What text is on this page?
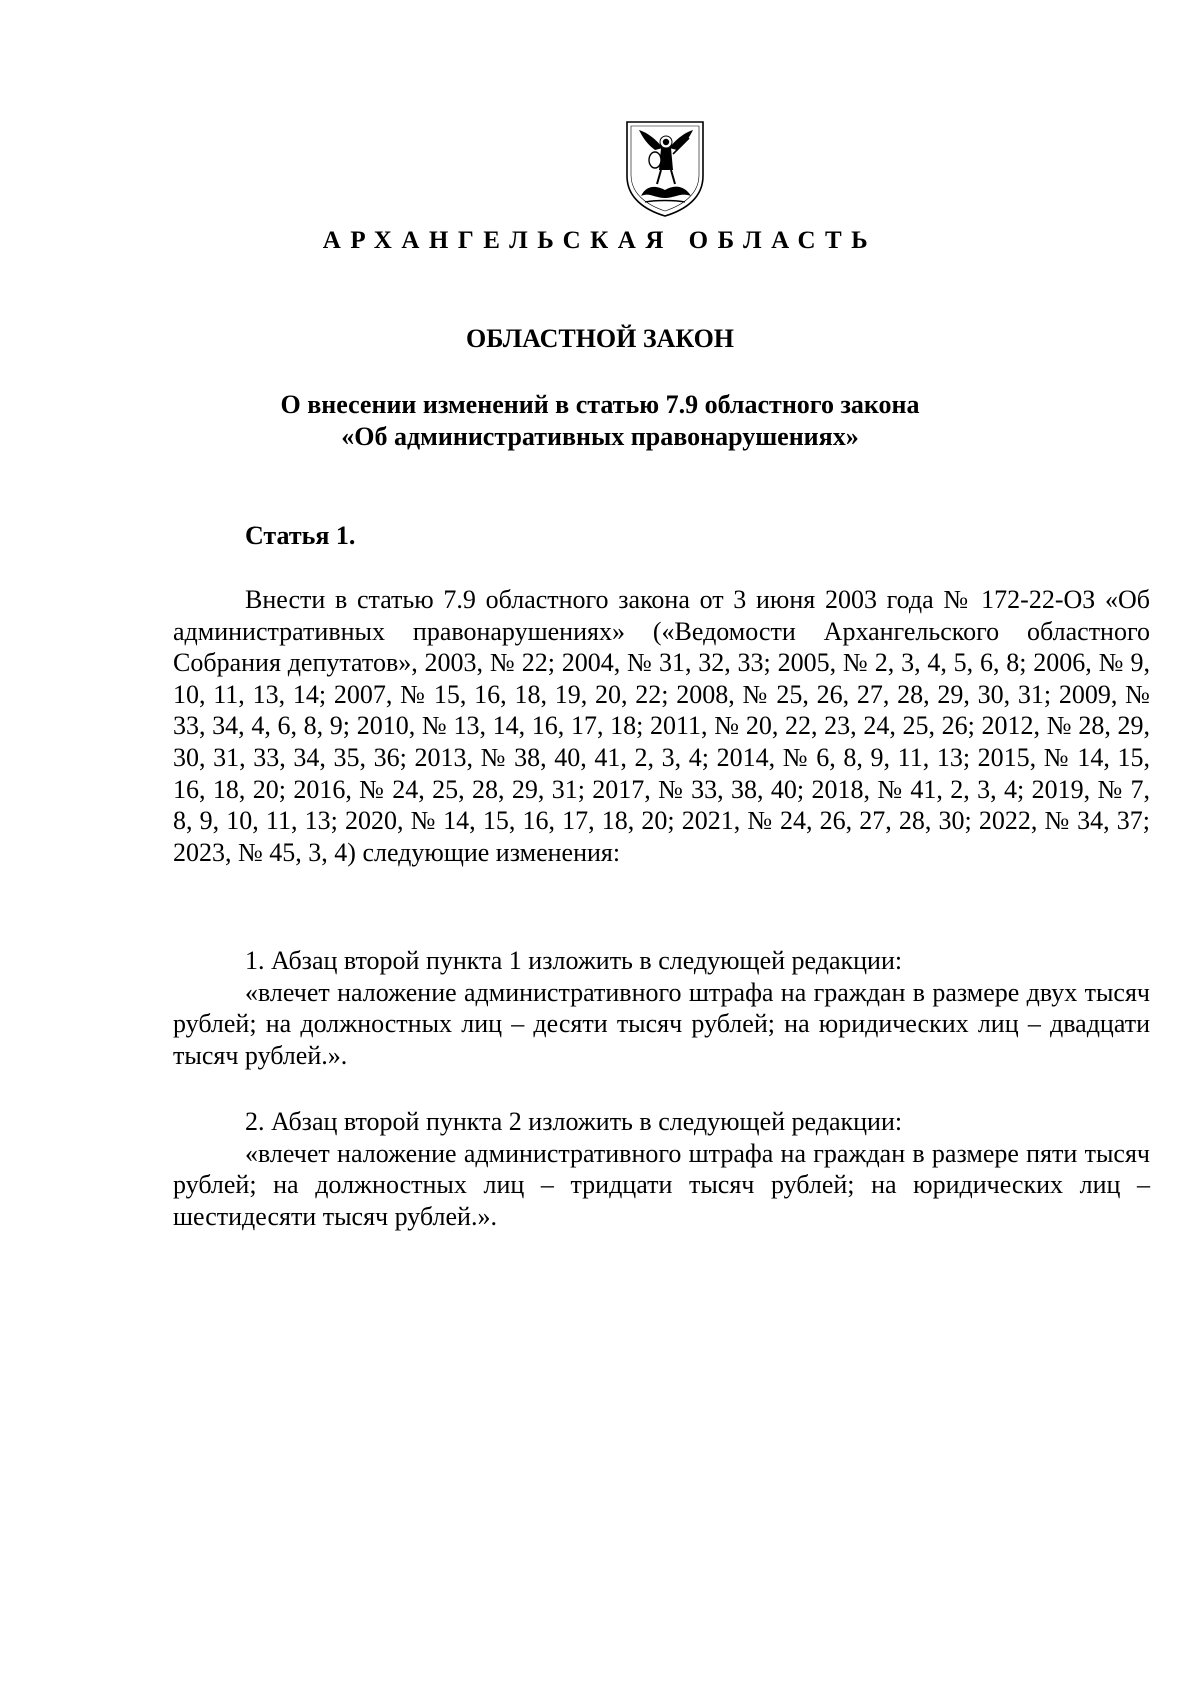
АРХАНГЕЛЬСКАЯ ОБЛАСТЬ
ОБЛАСТНОЙ ЗАКОН
О внесении изменений в статью 7.9 областного закона
«Об административных правонарушениях»
Статья 1.

Внести в статью 7.9 областного закона от 3 июня 2003 года № 172-22-ОЗ «Об административных правонарушениях» («Ведомости Архангельского областного Собрания депутатов», 2003, № 22; 2004, № 31, 32, 33; 2005, № 2, 3, 4, 5, 6, 8; 2006, № 9, 10, 11, 13, 14; 2007, № 15, 16, 18, 19, 20, 22; 2008, № 25, 26, 27, 28, 29, 30, 31; 2009, № 33, 34, 4, 6, 8, 9; 2010, № 13, 14, 16, 17, 18; 2011, № 20, 22, 23, 24, 25, 26; 2012, № 28, 29, 30, 31, 33, 34, 35, 36; 2013, № 38, 40, 41, 2, 3, 4; 2014, № 6, 8, 9, 11, 13; 2015, № 14, 15, 16, 18, 20; 2016, № 24, 25, 28, 29, 31; 2017, № 33, 38, 40; 2018, № 41, 2, 3, 4; 2019, № 7, 8, 9, 10, 11, 13; 2020, № 14, 15, 16, 17, 18, 20; 2021, № 24, 26, 27, 28, 30; 2022, № 34, 37; 2023, № 45, 3, 4) следующие изменения:

1. Абзац второй пункта 1 изложить в следующей редакции:

«влечет наложение административного штрафа на граждан в размере двух тысяч рублей; на должностных лиц – десяти тысяч рублей; на юридических лиц – двадцати тысяч рублей.».

2. Абзац второй пункта 2 изложить в следующей редакции:

«влечет наложение административного штрафа на граждан в размере пяти тысяч рублей; на должностных лиц – тридцати тысяч рублей; на юридических лиц – шестидесяти тысяч рублей.».
